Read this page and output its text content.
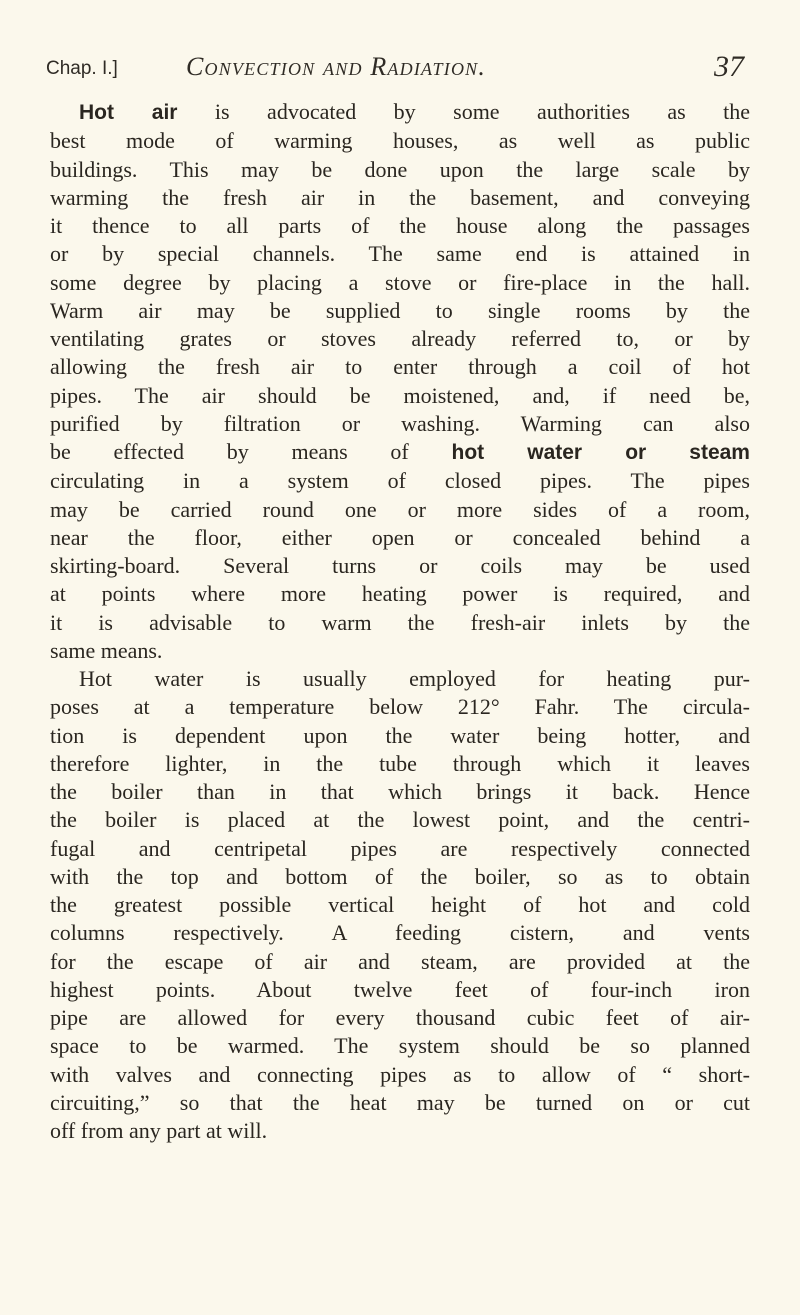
Chap. I.]	Convection and Radiation.	37
Hot air is advocated by some authorities as the
best mode of warming houses, as well as public
buildings. This may be done upon the large scale by
warming the fresh air in the basement, and conveying
it thence to all parts of the house along the passages
or by special channels. The same end is attained in
some degree by placing a stove or fire-place in the hall.
Warm air may be supplied to single rooms by the
ventilating grates or stoves already referred to, or by
allowing the fresh air to enter through a coil of hot
pipes. The air should be moistened, and, if need be,
purified by filtration or washing. Warming can also
be effected by means of hot water or steam
circulating in a system of closed pipes. The pipes
may be carried round one or more sides of a room,
near the floor, either open or concealed behind a
skirting-board. Several turns or coils may be used
at points where more heating power is required, and
it is advisable to warm the fresh-air inlets by the
same means.
Hot water is usually employed for heating pur-
poses at a temperature below 212° Fahr. The circula-
tion is dependent upon the water being hotter, and
therefore lighter, in the tube through which it leaves
the boiler than in that which brings it back. Hence
the boiler is placed at the lowest point, and the centri-
fugal and centripetal pipes are respectively connected
with the top and bottom of the boiler, so as to obtain
the greatest possible vertical height of hot and cold
columns respectively. A feeding cistern, and vents
for the escape of air and steam, are provided at the
highest points. About twelve feet of four-inch iron
pipe are allowed for every thousand cubic feet of air-
space to be warmed. The system should be so planned
with valves and connecting pipes as to allow of “ short-
circuiting,” so that the heat may be turned on or cut
off from any part at will.
